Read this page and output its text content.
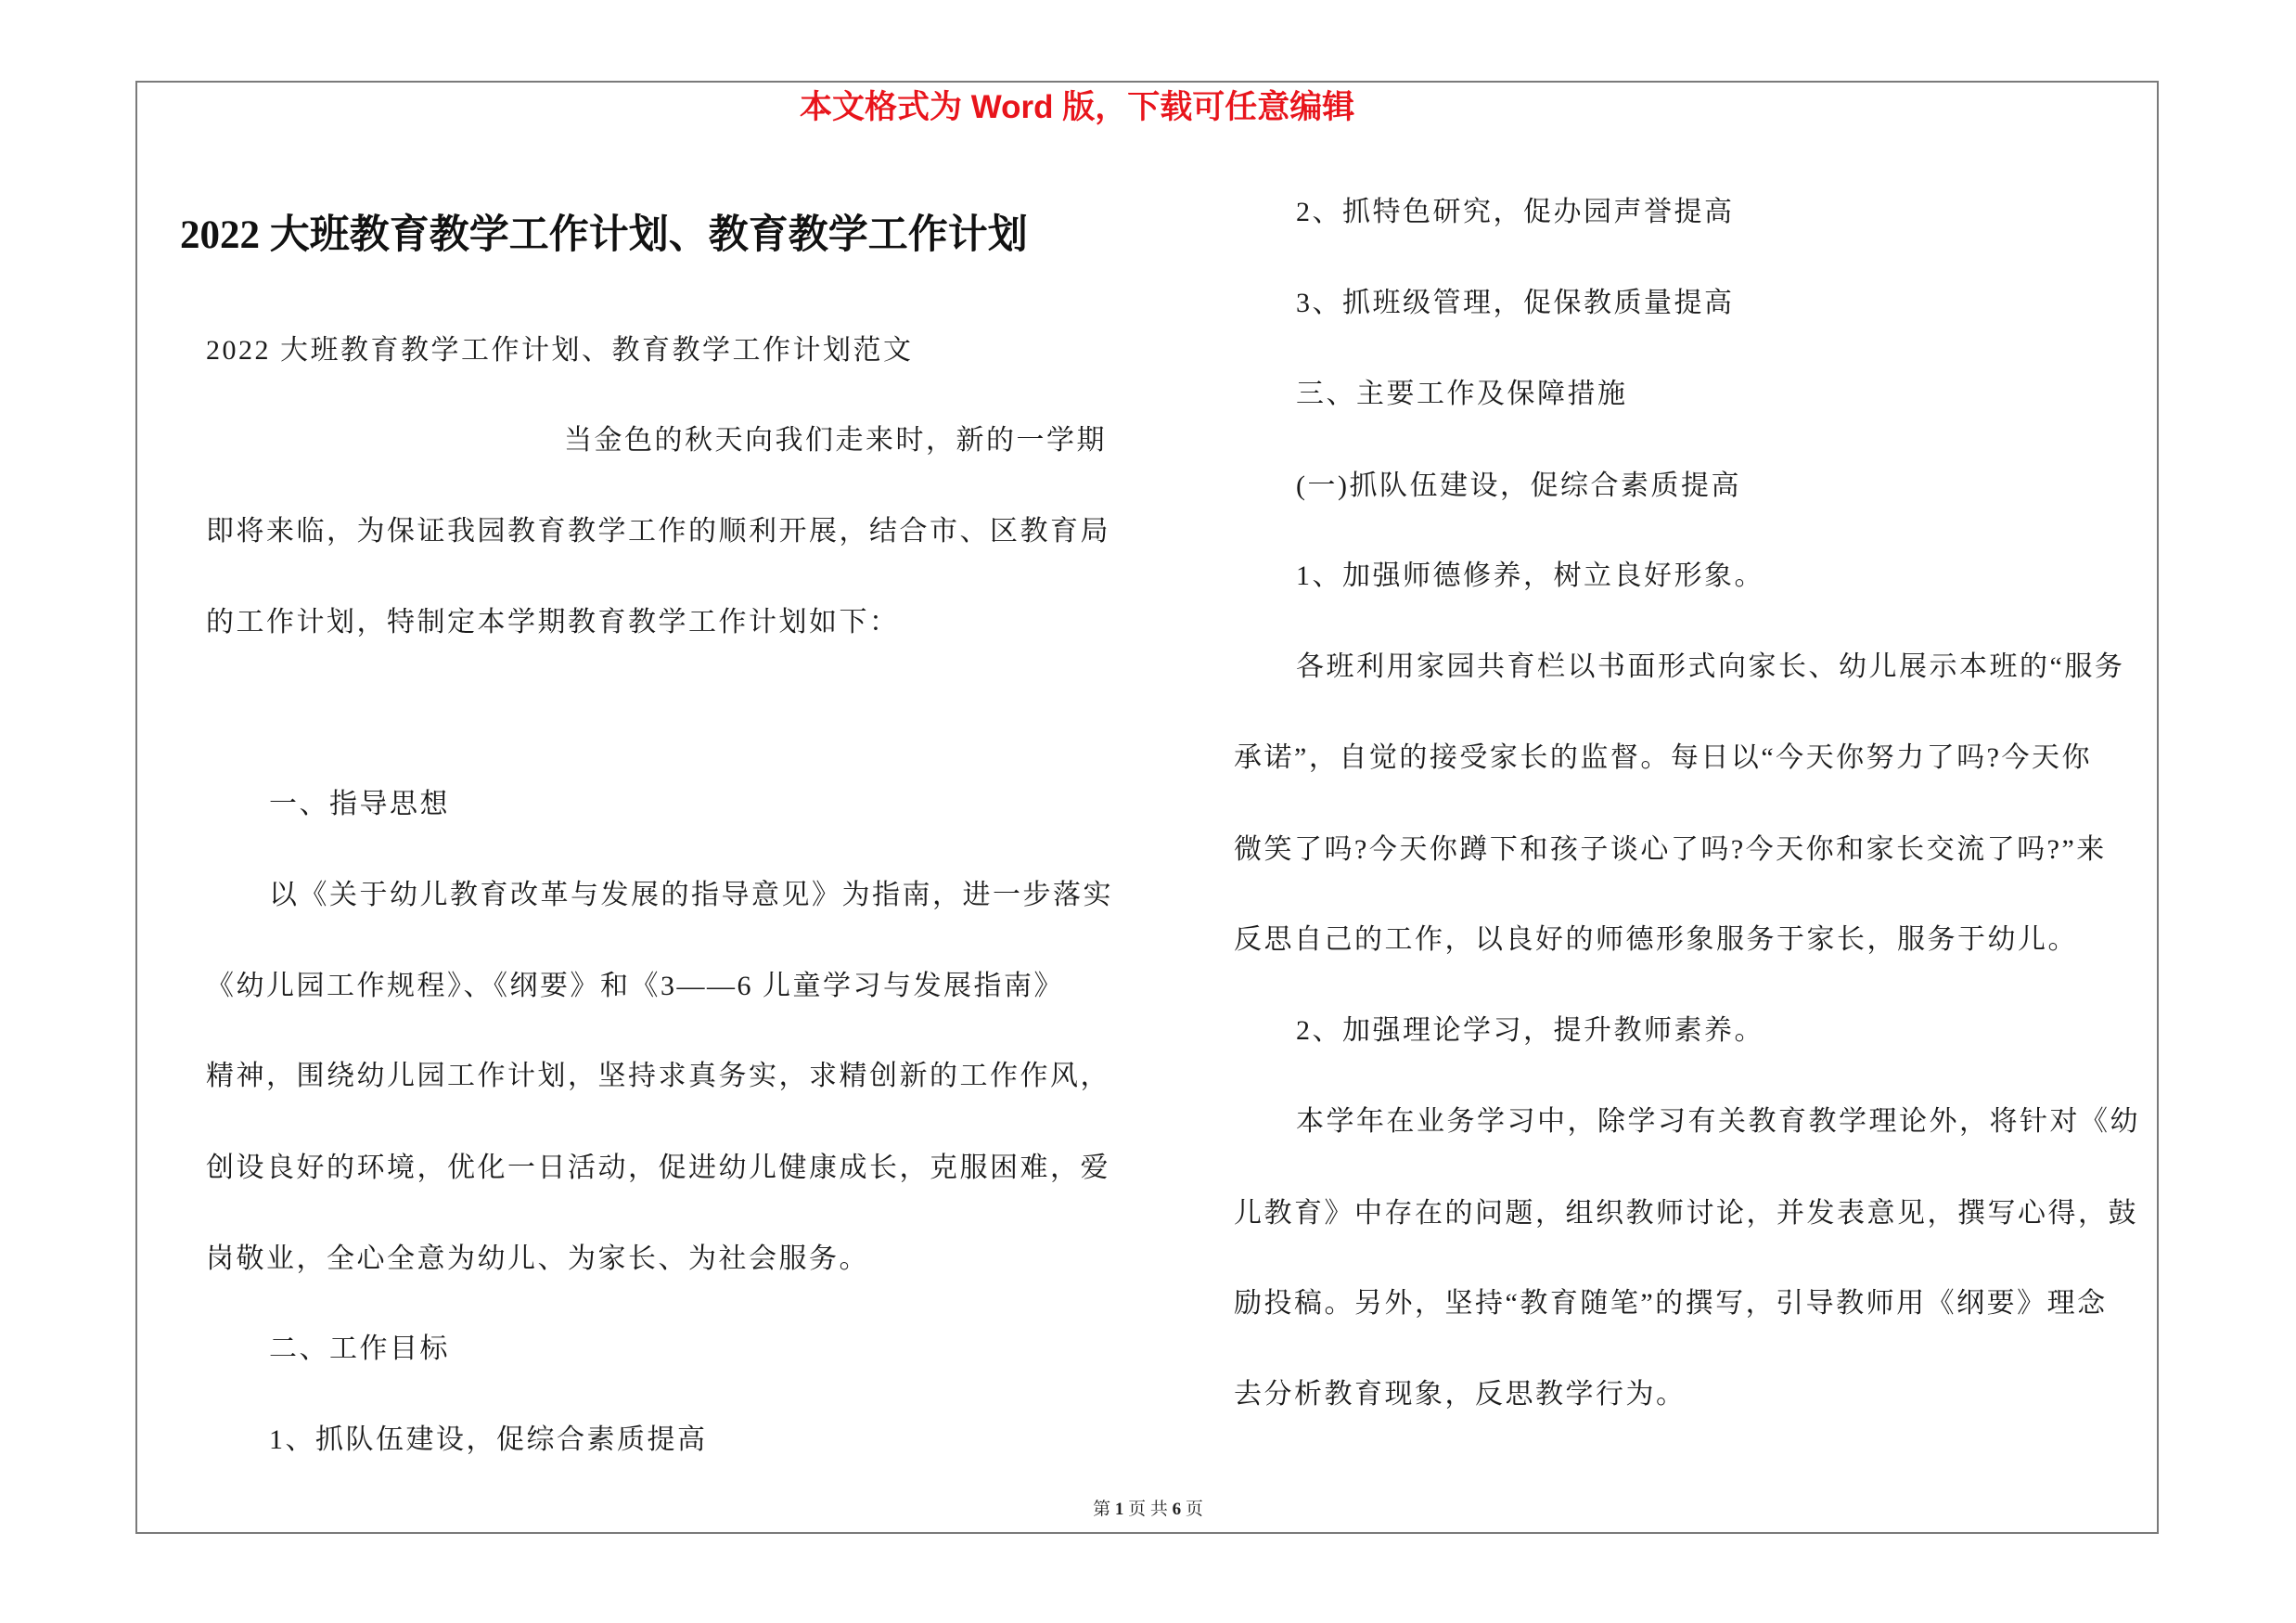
本文格式为 Word 版，下载可任意编辑
2022 大班教育教学工作计划、教育教学工作计划
2022 大班教育教学工作计划、教育教学工作计划范文
当金色的秋天向我们走来时，新的一学期
即将来临，为保证我园教育教学工作的顺利开展，结合市、区教育局
的工作计划，特制定本学期教育教学工作计划如下：
一、指导思想
以《关于幼儿教育改革与发展的指导意见》为指南，进一步落实
《幼儿园工作规程》、《纲要》和《3——6 儿童学习与发展指南》
精神，围绕幼儿园工作计划，坚持求真务实，求精创新的工作作风，
创设良好的环境，优化一日活动，促进幼儿健康成长，克服困难，爱
岗敬业，全心全意为幼儿、为家长、为社会服务。
二、工作目标
1、抓队伍建设，促综合素质提高
2、抓特色研究，促办园声誉提高
3、抓班级管理，促保教质量提高
三、主要工作及保障措施
(一)抓队伍建设，促综合素质提高
1、加强师德修养，树立良好形象。
各班利用家园共育栏以书面形式向家长、幼儿展示本班的“服务
承诺”，自觉的接受家长的监督。每日以“今天你努力了吗?今天你
微笑了吗?今天你蹲下和孩子谈心了吗?今天你和家长交流了吗?”来
反思自己的工作，以良好的师德形象服务于家长，服务于幼儿。
2、加强理论学习，提升教师素养。
本学年在业务学习中，除学习有关教育教学理论外，将针对《幼
儿教育》中存在的问题，组织教师讨论，并发表意见，撰写心得，鼓
励投稿。另外，坚持“教育随笔”的撰写，引导教师用《纲要》理念
去分析教育现象，反思教学行为。
第 1 页 共 6 页
